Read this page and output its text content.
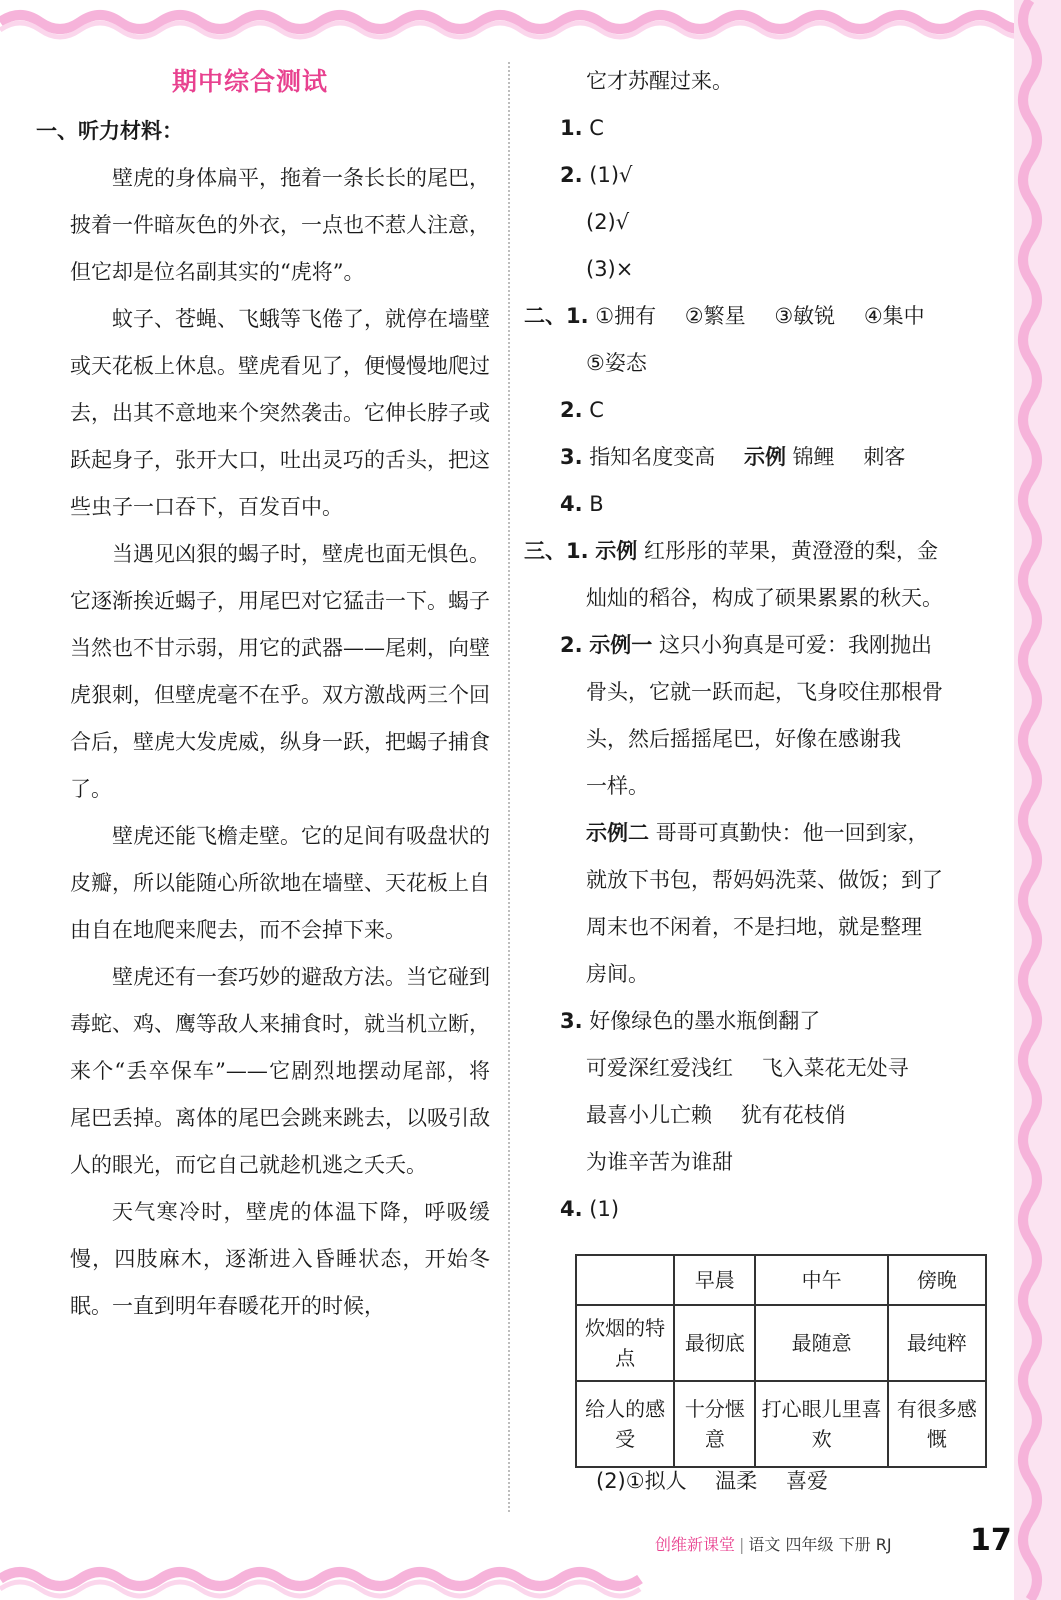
期中综合测试
一、听力材料：

壁虎的身体扁平，拖着一条长长的尾巴，披着一件暗灰色的外衣，一点也不惹人注意，但它却是位名副其实的“虎将”。

蚊子、苍蝇、飞蛾等飞倦了，就停在墙壁或天花板上休息。壁虎看见了，便慢慢地爬过去，出其不意地来个突然袭击。它伸长脖子或跃起身子，张开大口，吐出灵巧的舌头，把这些虫子一口吞下，百发百中。

当遇见凶狠的蝎子时，壁虎也面无惧色。它逐渐挨近蝎子，用尾巴对它猛击一下。蝎子当然也不甘示弱，用它的武器——尾刺，向壁虎狠刺，但壁虎毫不在乎。双方激战两三个回合后，壁虎大发虎威，纵身一跃，把蝎子捕食了。

壁虎还能飞檐走壁。它的足间有吸盘状的皮瓣，所以能随心所欲地在墙壁、天花板上自由自在地爬来爬去，而不会掉下来。

壁虎还有一套巧妙的避敌方法。当它碰到毒蛇、鸡、鹰等敌人来捕食时，就当机立断，来个“丢卒保车”——它剧烈地摆动尾部，将尾巴丢掉。离体的尾巴会跳来跳去，以吸引敌人的眼光，而它自己就趁机逃之夭夭。

天气寒冷时，壁虎的体温下降，呼吸缓慢，四肢麻木，逐渐进入昏睡状态，开始冬眠。一直到明年春暖花开的时候，

它才苏醒过来。
1. C
2. (1)√
(2)√
(3)×
二、1. ①拥有 ②繁星 ③敏锐 ④集中
⑤姿态
2. C
3. 指知名度变高 示例 锦鲤 刺客
4. B
三、1. 示例 红彤彤的苹果，黄澄澄的梨，金
灿灿的稻谷，构成了硕果累累的秋天。
2. 示例一 这只小狗真是可爱：我刚抛出
骨头，它就一跃而起，飞身咬住那根骨
头，然后摇摇尾巴，好像在感谢我
一样。
示例二 哥哥可真勤快：他一回到家，
就放下书包，帮妈妈洗菜、做饭；到了
周末也不闲着，不是扫地，就是整理
房间。
3. 好像绿色的墨水瓶倒翻了
可爱深红爱浅红 飞入菜花无处寻
最喜小儿亡赖 犹有花枝俏
为谁辛苦为谁甜
4. (1)
	早晨	中午	傍晚
炊烟的特点	最彻底	最随意	最纯粹
给人的感受	十分惬意	打心眼儿里喜欢	有很多感慨
(2)①拟人 温柔 喜爱
创维新课堂 | 语文 四年级 下册 RJ	17
